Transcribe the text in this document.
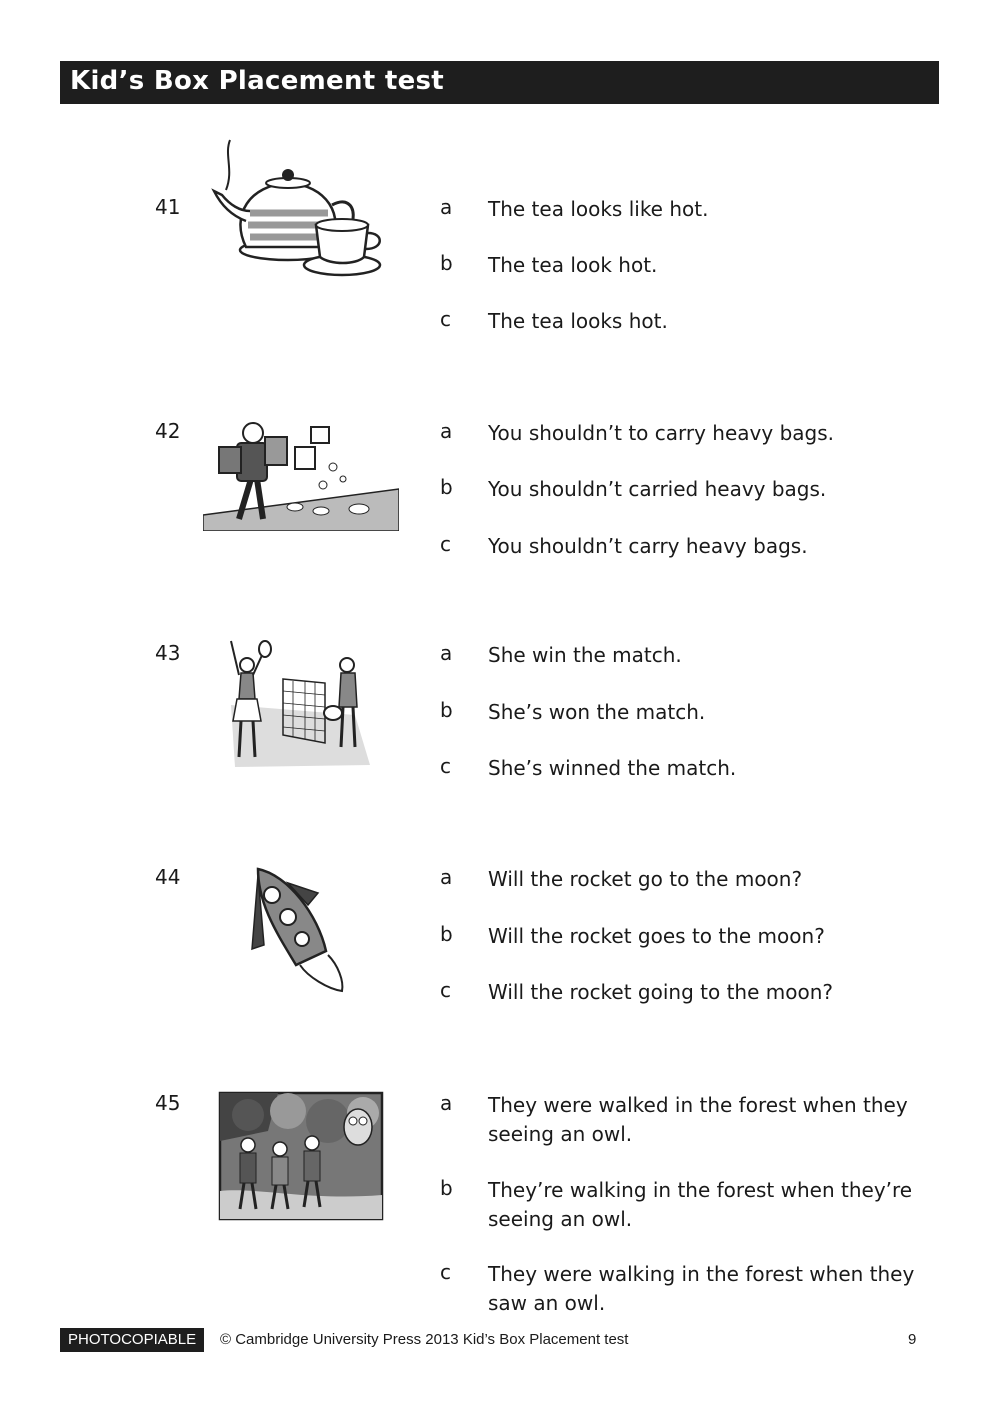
Kid’s Box Placement test
41	a The tea looks like hot.
b The tea look hot.
c The tea looks hot.
42	a You shouldn’t to carry heavy bags.
b You shouldn’t carried heavy bags.
c You shouldn’t carry heavy bags.
43	a She win the match.
b She’s won the match.
c She’s winned the match.
44	a Will the rocket go to the moon?
b Will the rocket goes to the moon?
c Will the rocket going to the moon?
45	a They were walked in the forest when they seeing an owl.
b They’re walking in the forest when they’re seeing an owl.
c They were walking in the forest when they saw an owl.
PHOTOCOPIABLE	© Cambridge University Press 2013 Kid’s Box Placement test	9
